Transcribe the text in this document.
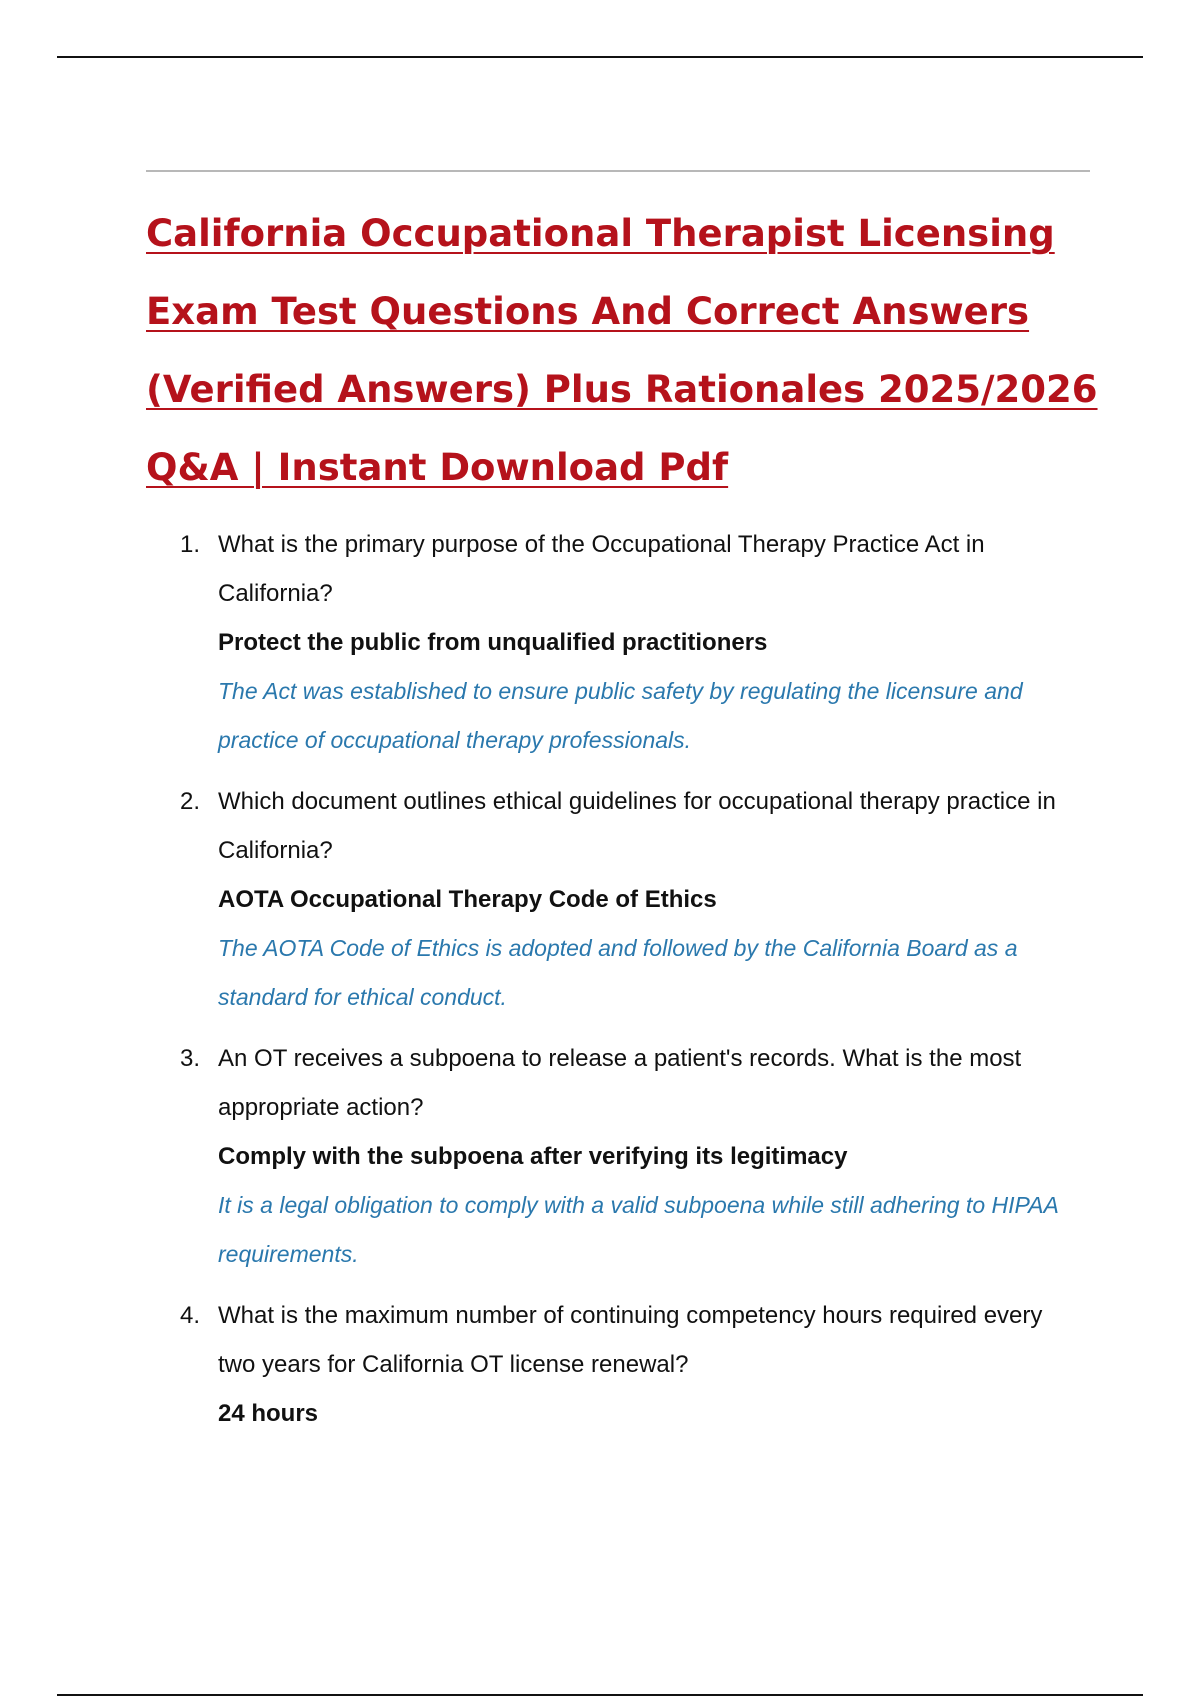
California Occupational Therapist Licensing Exam Test Questions And Correct Answers (Verified Answers) Plus Rationales 2025/2026 Q&A | Instant Download Pdf
1. What is the primary purpose of the Occupational Therapy Practice Act in California?

Protect the public from unqualified practitioners

The Act was established to ensure public safety by regulating the licensure and practice of occupational therapy professionals.

2. Which document outlines ethical guidelines for occupational therapy practice in California?

AOTA Occupational Therapy Code of Ethics

The AOTA Code of Ethics is adopted and followed by the California Board as a standard for ethical conduct.

3. An OT receives a subpoena to release a patient's records. What is the most appropriate action?

Comply with the subpoena after verifying its legitimacy

It is a legal obligation to comply with a valid subpoena while still adhering to HIPAA requirements.

4. What is the maximum number of continuing competency hours required every two years for California OT license renewal?

24 hours
